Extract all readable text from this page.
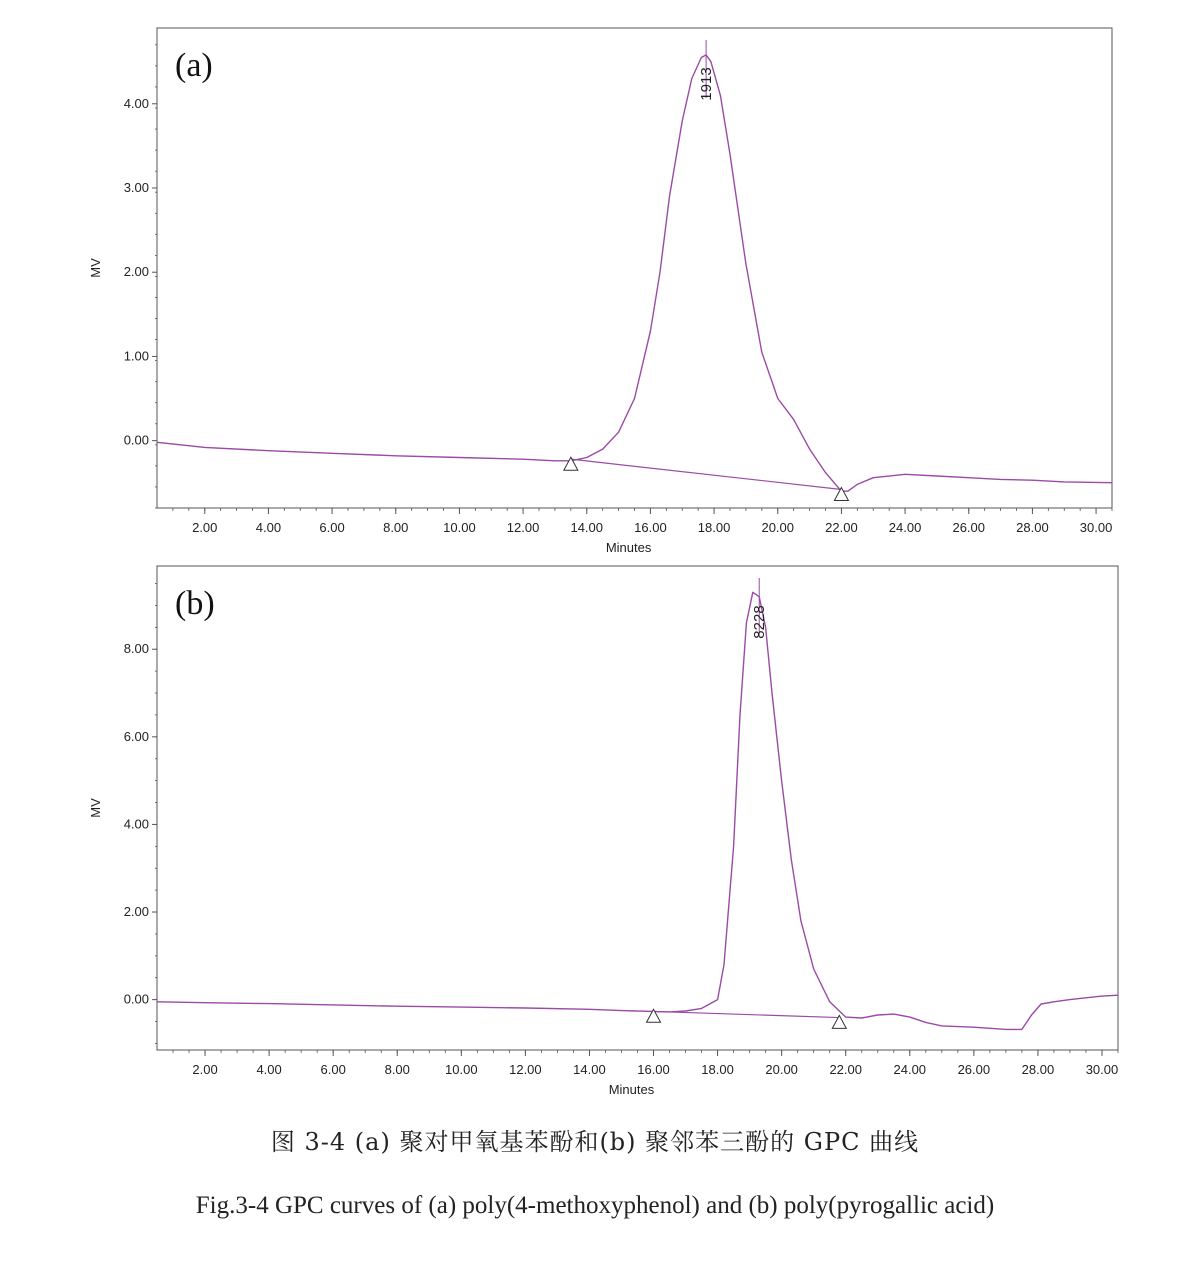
0.00
1.00
2.00
3.00
4.00
2.00	4.00	6.00	8.00	10.00 12.00 14.00 16.00 18.00 20.00 22.00 24.00 26.00 28.00 30.00
Minutes
MV
(a)	1913
0.00
2.00
4.00
6.00
8.00
2.00	4.00	6.00	8.00	10.00 12.00 14.00 16.00 18.00 20.00 22.00 24.00 26.00 28.00 30.00
Minutes
MV
(b)	8228
图 3-4 (a) 聚对甲氧基苯酚和(b) 聚邻苯三酚的 GPC 曲线
Fig.3-4 GPC curves of (a) poly(4-methoxyphenol) and (b) poly(pyrogallic acid)
